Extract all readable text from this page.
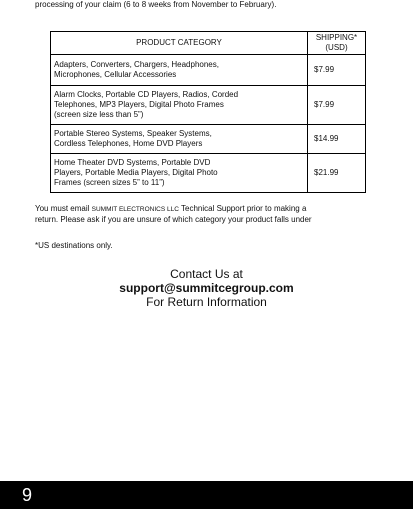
processing of your claim (6 to 8 weeks from November to February).
PRODUCT CATEGORY	SHIPPING*
(USD)
Adapters, Converters, Chargers, Headphones,
Microphones, Cellular Accessories	$7.99
Alarm Clocks, Portable CD Players, Radios, Corded
Telephones, MP3 Players, Digital Photo Frames
(screen size less than 5”)	$7.99
Portable Stereo Systems, Speaker Systems,
Cordless Telephones, Home DVD Players	$14.99
Home Theater DVD Systems, Portable DVD
Players, Portable Media Players, Digital Photo
Frames (screen sizes 5” to 11”)	$21.99
You must email SUMMIT ELECTRONICS LLC Technical Support prior to making a
return. Please ask if you are unsure of which category your product falls under
*US destinations only.
Contact Us at
support@summitcegroup.com
For Return Information
9
